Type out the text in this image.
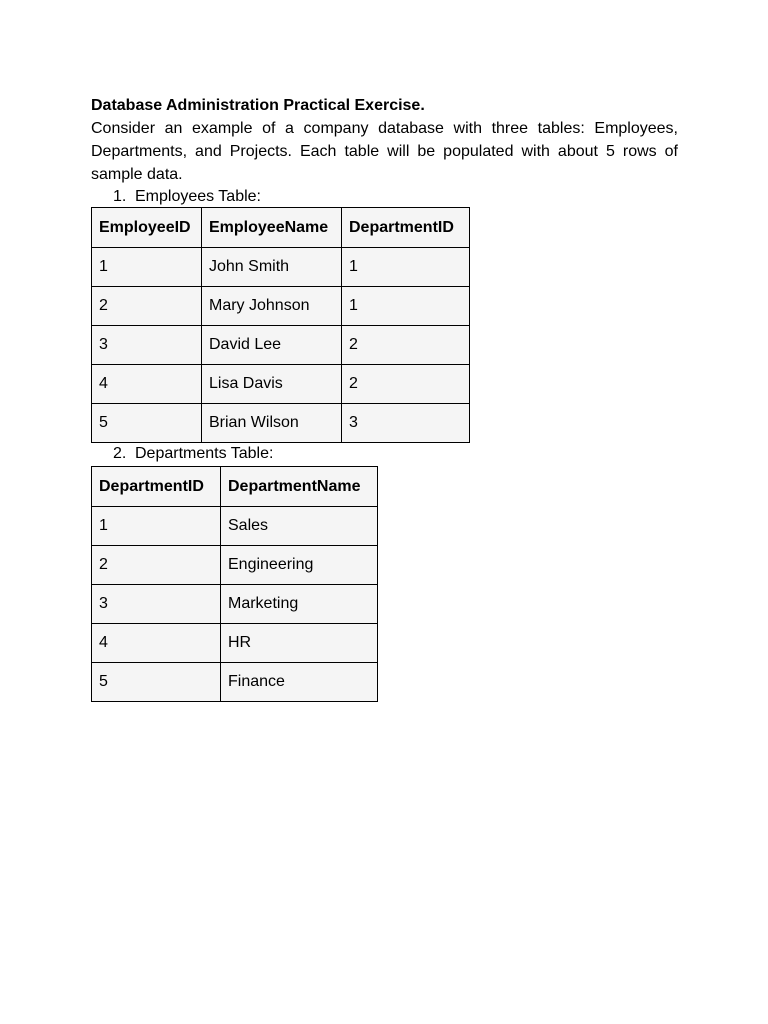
Database Administration Practical Exercise.

Consider an example of a company database with three tables: Employees, Departments, and Projects. Each table will be populated with about 5 rows of sample data.

1. Employees Table:

EmployeeID	EmployeeName	DepartmentID
1	John Smith	1
2	Mary Johnson	1
3	David Lee	2
4	Lisa Davis	2
5	Brian Wilson	3

2. Departments Table:

DepartmentID	DepartmentName
1	Sales
2	Engineering
3	Marketing
4	HR
5	Finance
